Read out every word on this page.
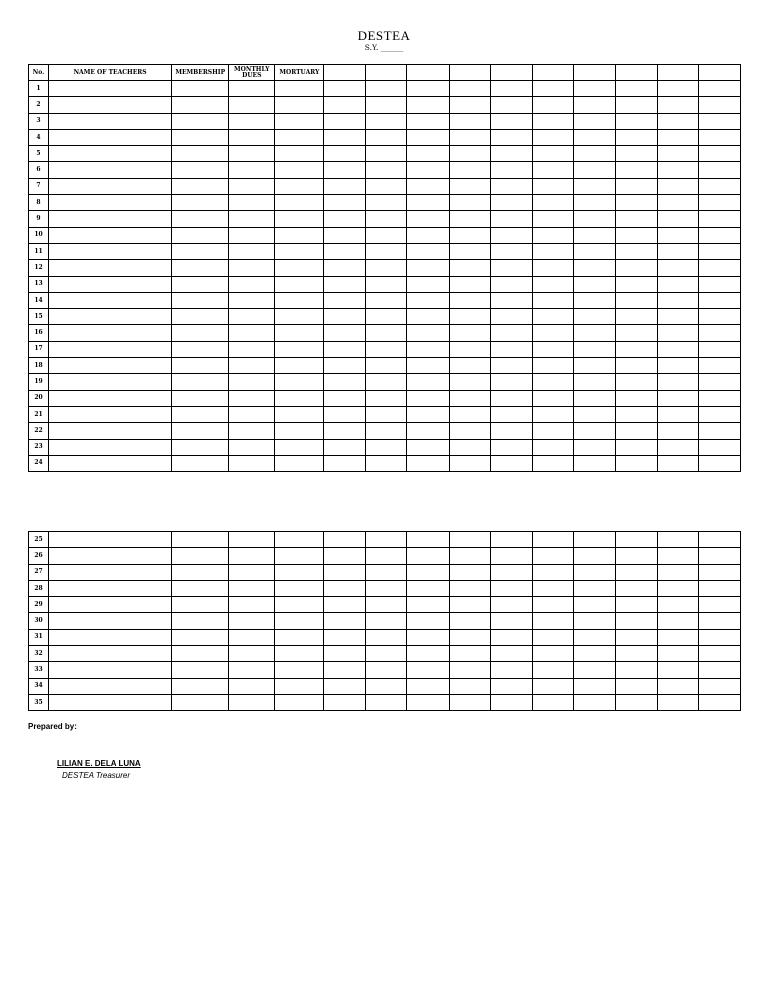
DESTEA
S.Y. ______
No.	NAME OF TEACHERS	MEMBERSHIP	MONTHLY DUES	MORTUARY										
1														
2														
3														
4														
5														
6														
7														
8														
9														
10														
11														
12														
13														
14														
15														
16														
17														
18														
19														
20														
21														
22														
23														
24														
25														
26														
27														
28														
29														
30														
31														
32														
33														
34														
35														
Prepared by:
LILIAN E. DELA LUNA
DESTEA Treasurer
